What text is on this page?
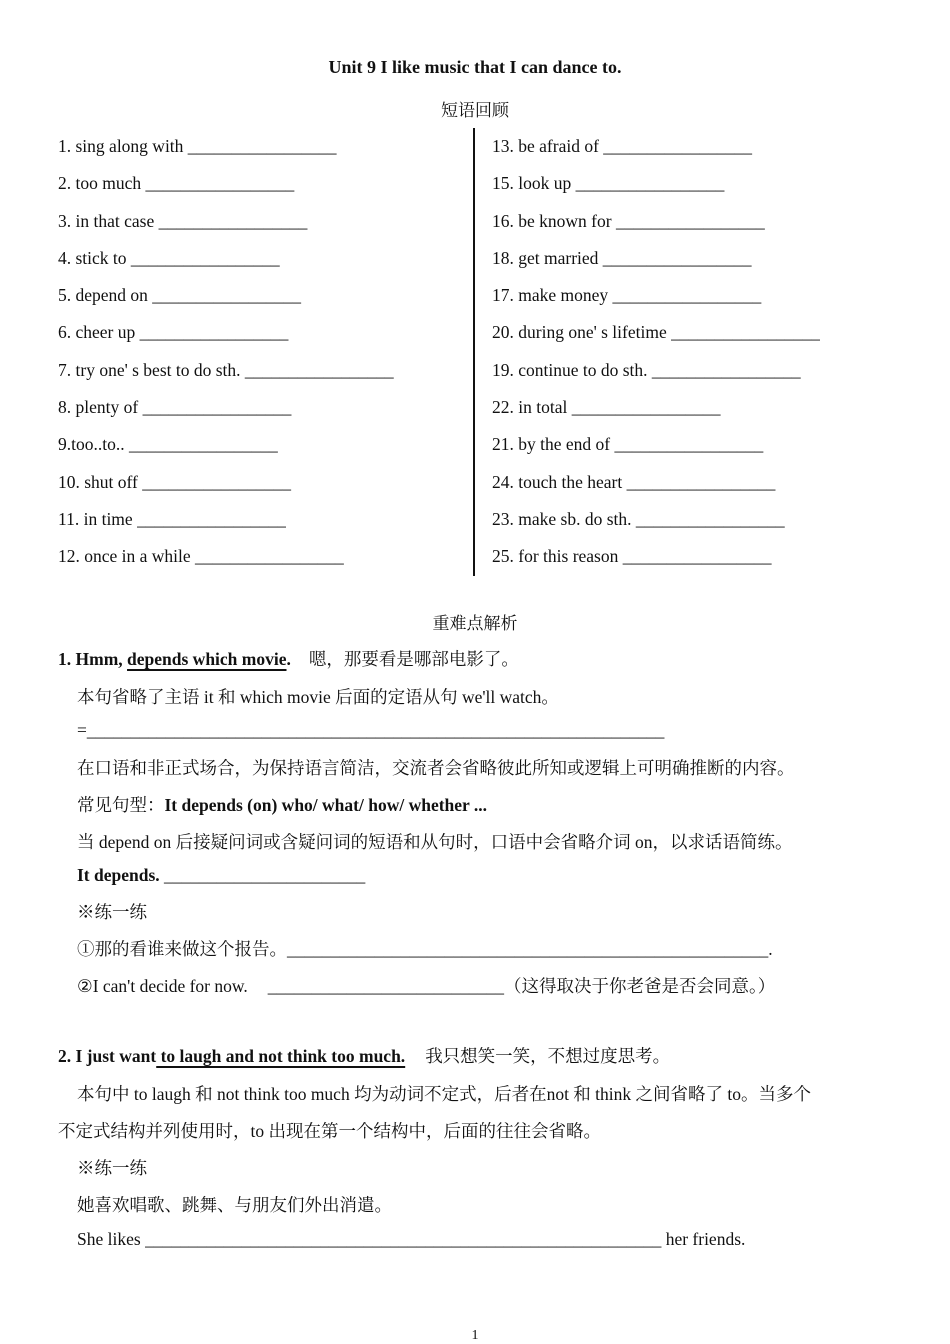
Unit 9 I like music that I can dance to.
短语回顾
1. sing along with _________________
2. too much _________________
3. in that case _________________
4. stick to _________________
5. depend on _________________
6. cheer up _________________
7. try one' s best to do sth. _________________
8. plenty of _________________
9.too..to.. _________________
10. shut off _________________
11. in time _________________
12. once in a while _________________
13. be afraid of _________________
15. look up _________________
16. be known for _________________
18. get married _________________
17. make money _________________
20. during one' s lifetime _________________
19. continue to do sth. _________________
22. in total _________________
21. by the end of _________________
24. touch the heart _________________
23. make sb. do sth. _________________
25. for this reason _________________
重难点解析
1. Hmm, depends which movie. 嗯，那要看是哪部电影了。
本句省略了主语 it 和 which movie 后面的定语从句 we'll watch。
=__________________________________________________________________
在口语和非正式场合，为保持语言简洁，交流者会省略彼此所知或逻辑上可明确推断的内容。
常见句型：It depends (on) who/ what/ how/ whether ...
当 depend on 后接疑问词或含疑问词的短语和从句时，口语中会省略介词 on，以求话语简练。
It depends. _______________________
※练一练
①那的看谁来做这个报告。_______________________________________________________.
②I can't decide for now. ___________________________（这得取决于你老爸是否会同意。）
2. I just want to laugh and not think too much. 我只想笑一笑，不想过度思考。
本句中 to laugh 和 not think too much 均为动词不定式，后者在not 和 think 之间省略了 to。当多个
不定式结构并列使用时，to 出现在第一个结构中，后面的往往会省略。
※练一练
她喜欢唱歌、跳舞、与朋友们外出消遣。
She likes ___________________________________________________________ her friends.
1
